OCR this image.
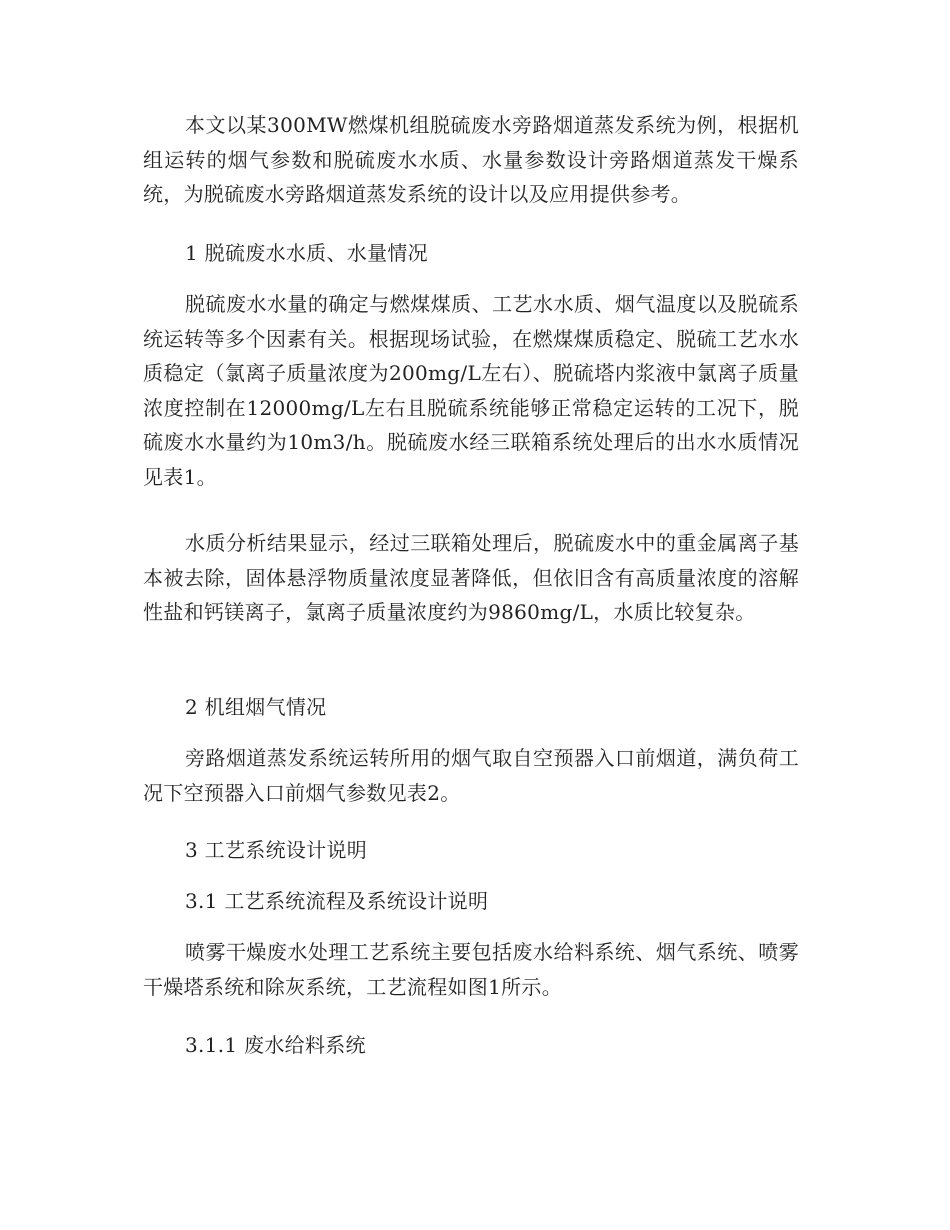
本文以某300MW燃煤机组脱硫废水旁路烟道蒸发系统为例，根据机组运转的烟气参数和脱硫废水水质、水量参数设计旁路烟道蒸发干燥系统，为脱硫废水旁路烟道蒸发系统的设计以及应用提供参考。

1 脱硫废水水质、水量情况

脱硫废水水量的确定与燃煤煤质、工艺水水质、烟气温度以及脱硫系统运转等多个因素有关。根据现场试验，在燃煤煤质稳定、脱硫工艺水水质稳定（氯离子质量浓度为200mg/L左右）、脱硫塔内浆液中氯离子质量浓度控制在12000mg/L左右且脱硫系统能够正常稳定运转的工况下，脱硫废水水量约为10m3/h。脱硫废水经三联箱系统处理后的出水水质情况见表1。

水质分析结果显示，经过三联箱处理后，脱硫废水中的重金属离子基本被去除，固体悬浮物质量浓度显著降低，但依旧含有高质量浓度的溶解性盐和钙镁离子，氯离子质量浓度约为9860mg/L，水质比较复杂。

2 机组烟气情况

旁路烟道蒸发系统运转所用的烟气取自空预器入口前烟道，满负荷工况下空预器入口前烟气参数见表2。

3 工艺系统设计说明

3.1 工艺系统流程及系统设计说明

喷雾干燥废水处理工艺系统主要包括废水给料系统、烟气系统、喷雾干燥塔系统和除灰系统，工艺流程如图1所示。

3.1.1 废水给料系统
